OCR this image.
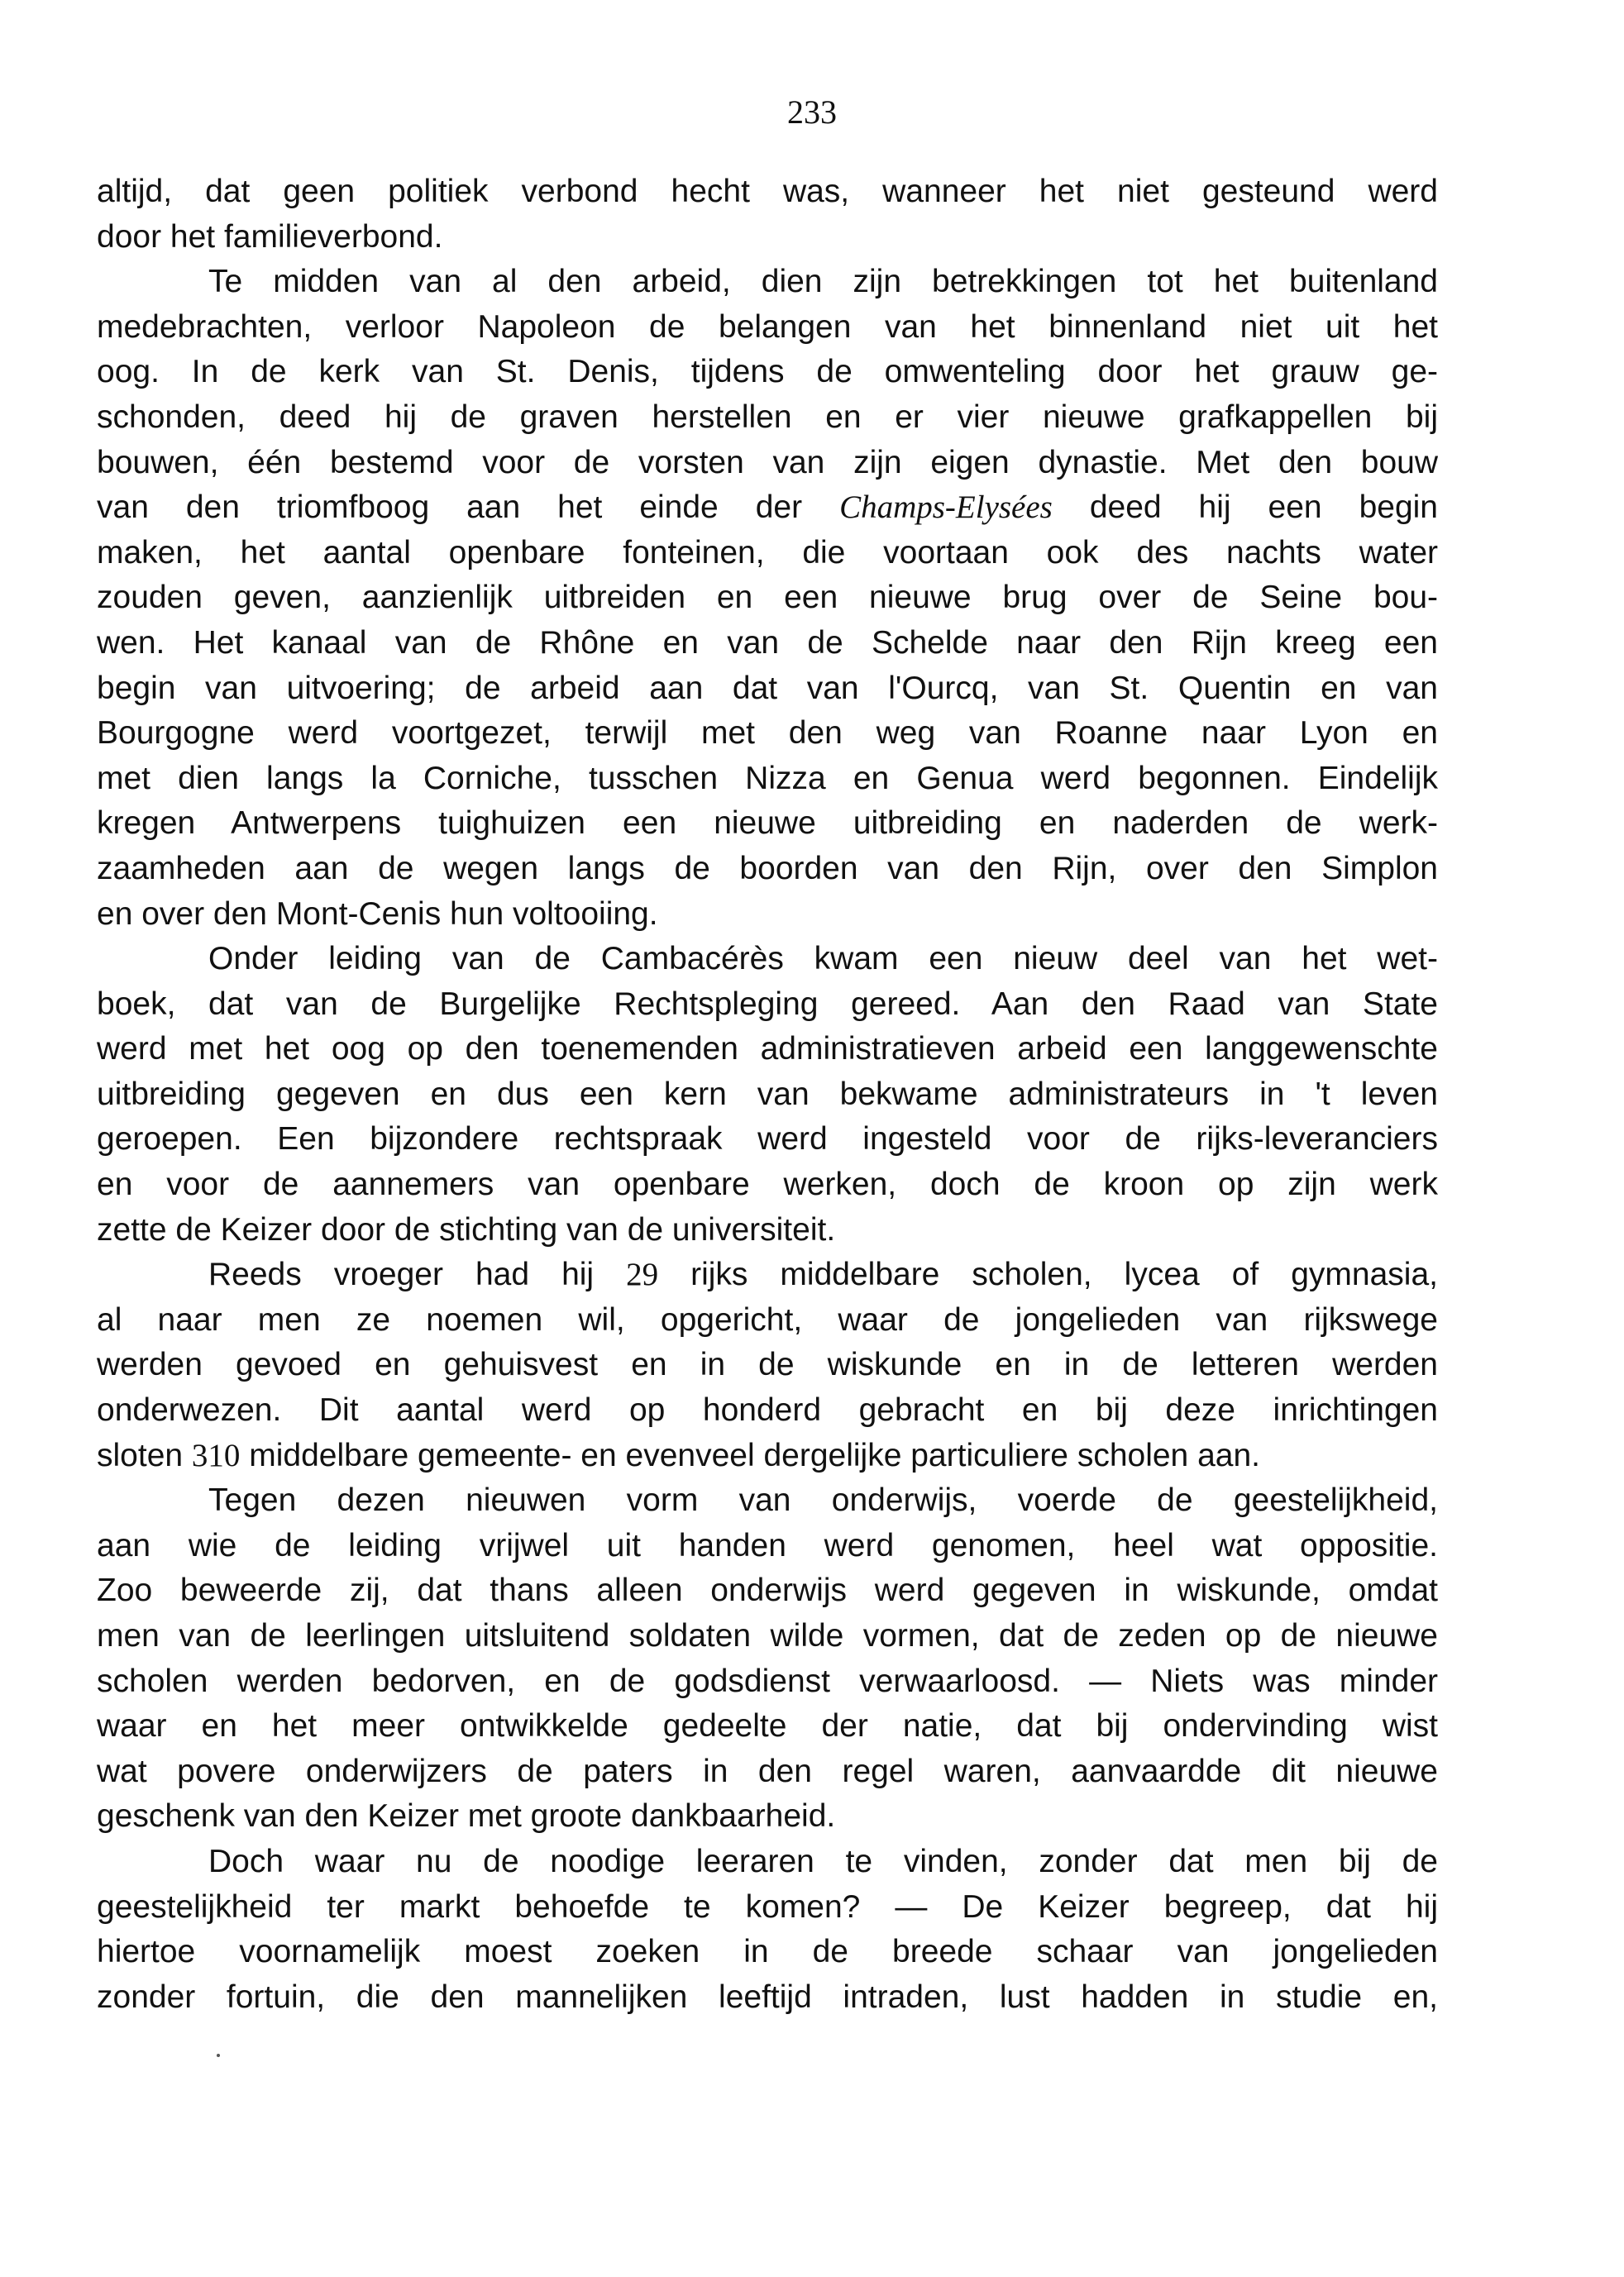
233
altijd, dat geen politiek verbond hecht was, wanneer het niet gesteund werd
door het familieverbond.
Te midden van al den arbeid, dien zijn betrekkingen tot het buitenland
medebrachten, verloor Napoleon de belangen van het binnenland niet uit het
oog. In de kerk van St. Denis, tijdens de omwenteling door het grauw ge-
schonden, deed hij de graven herstellen en er vier nieuwe grafkappellen bij
bouwen, één bestemd voor de vorsten van zijn eigen dynastie. Met den bouw
van den triomfboog aan het einde der Champs-Elysées deed hij een begin
maken, het aantal openbare fonteinen, die voortaan ook des nachts water
zouden geven, aanzienlijk uitbreiden en een nieuwe brug over de Seine bou-
wen. Het kanaal van de Rhône en van de Schelde naar den Rijn kreeg een
begin van uitvoering; de arbeid aan dat van l'Ourcq, van St. Quentin en van
Bourgogne werd voortgezet, terwijl met den weg van Roanne naar Lyon en
met dien langs la Corniche, tusschen Nizza en Genua werd begonnen. Eindelijk
kregen Antwerpens tuighuizen een nieuwe uitbreiding en naderden de werk-
zaamheden aan de wegen langs de boorden van den Rijn, over den Simplon
en over den Mont-Cenis hun voltooiing.
Onder leiding van de Cambacérès kwam een nieuw deel van het wet-
boek, dat van de Burgelijke Rechtspleging gereed. Aan den Raad van State
werd met het oog op den toenemenden administratieven arbeid een langgewenschte
uitbreiding gegeven en dus een kern van bekwame administrateurs in 't leven
geroepen. Een bijzondere rechtspraak werd ingesteld voor de rijks-leveranciers
en voor de aannemers van openbare werken, doch de kroon op zijn werk
zette de Keizer door de stichting van de universiteit.
Reeds vroeger had hij 29 rijks middelbare scholen, lycea of gymnasia,
al naar men ze noemen wil, opgericht, waar de jongelieden van rijkswege
werden gevoed en gehuisvest en in de wiskunde en in de letteren werden
onderwezen. Dit aantal werd op honderd gebracht en bij deze inrichtingen
sloten 310 middelbare gemeente- en evenveel dergelijke particuliere scholen aan.
Tegen dezen nieuwen vorm van onderwijs, voerde de geestelijkheid,
aan wie de leiding vrijwel uit handen werd genomen, heel wat oppositie.
Zoo beweerde zij, dat thans alleen onderwijs werd gegeven in wiskunde, omdat
men van de leerlingen uitsluitend soldaten wilde vormen, dat de zeden op de nieuwe
scholen werden bedorven, en de godsdienst verwaarloosd. — Niets was minder
waar en het meer ontwikkelde gedeelte der natie, dat bij ondervinding wist
wat povere onderwijzers de paters in den regel waren, aanvaardde dit nieuwe
geschenk van den Keizer met groote dankbaarheid.
Doch waar nu de noodige leeraren te vinden, zonder dat men bij de
geestelijkheid ter markt behoefde te komen? — De Keizer begreep, dat hij
hiertoe voornamelijk moest zoeken in de breede schaar van jongelieden
zonder fortuin, die den mannelijken leeftijd intraden, lust hadden in studie en,
